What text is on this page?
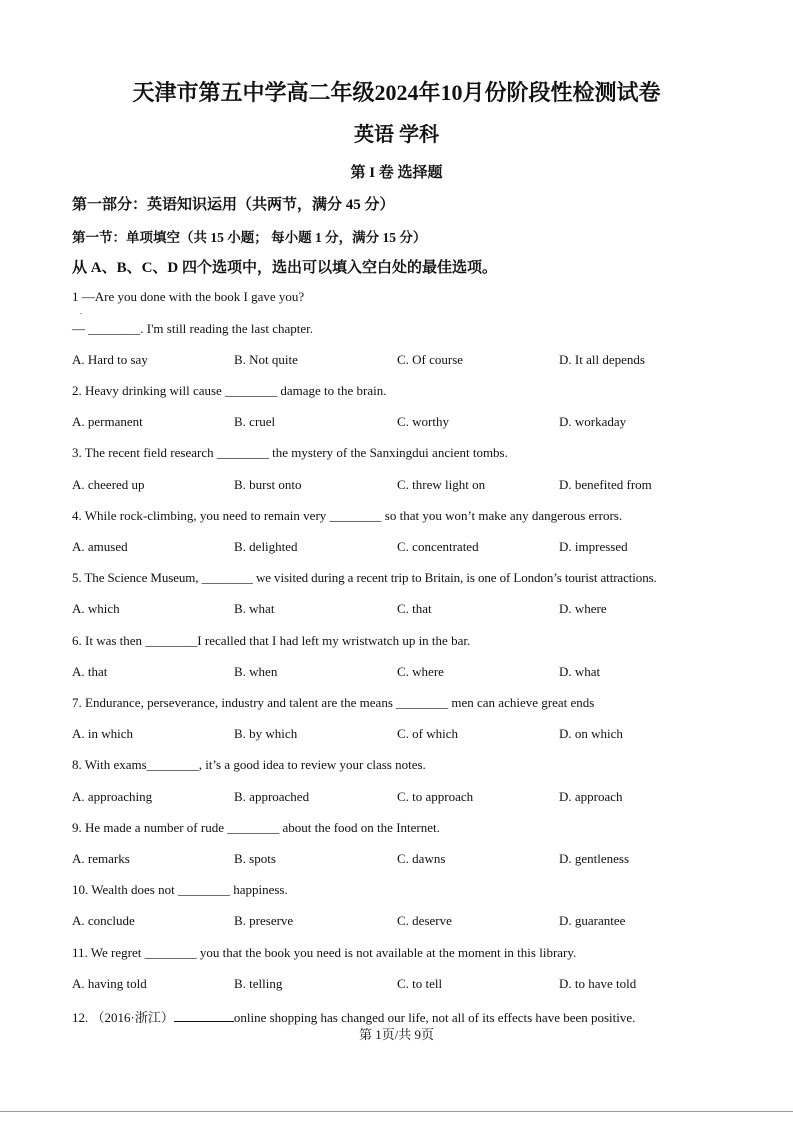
天津市第五中学高二年级2024年10月份阶段性检测试卷
英语 学科
第 I 卷 选择题
第一部分：英语知识运用（共两节，满分 45 分）
第一节：单项填空（共 15 小题； 每小题 1 分，满分 15 分）
从 A、B、C、D 四个选项中，选出可以填入空白处的最佳选项。
1 —Are you done with the book I gave you?
.
— ________. I'm still reading the last chapter.
A. Hard to say	B. Not quite	C. Of course	D. It all depends
2. Heavy drinking will cause ________ damage to the brain.
A. permanent	B. cruel	C. worthy	D. workaday
3. The recent field research ________ the mystery of the Sanxingdui ancient tombs.
A. cheered up	B. burst onto	C. threw light on	D. benefited from
4. While rock-climbing, you need to remain very ________ so that you won’t make any dangerous errors.
A. amused	B. delighted	C. concentrated	D. impressed
5. The Science Museum, ________ we visited during a recent trip to Britain, is one of London’s tourist attractions.
A. which	B. what	C. that	D. where
6. It was then ________I recalled that I had left my wristwatch up in the bar.
A. that	B. when	C. where	D. what
7. Endurance, perseverance, industry and talent are the means ________ men can achieve great ends
A. in which	B. by which	C. of which	D. on which
8. With exams________, it’s a good idea to review your class notes.
A. approaching	B. approached	C. to approach	D. approach
9. He made a number of rude ________ about the food on the Internet.
A. remarks	B. spots	C. dawns	D. gentleness
10. Wealth does not ________ happiness.
A. conclude	B. preserve	C. deserve	D. guarantee
11. We regret ________ you that the book you need is not available at the moment in this library.
A. having told	B. telling	C. to tell	D. to have told
12. （2016·浙江）	online shopping has changed our life, not all of its effects have been positive.
第 1页/共 9页
